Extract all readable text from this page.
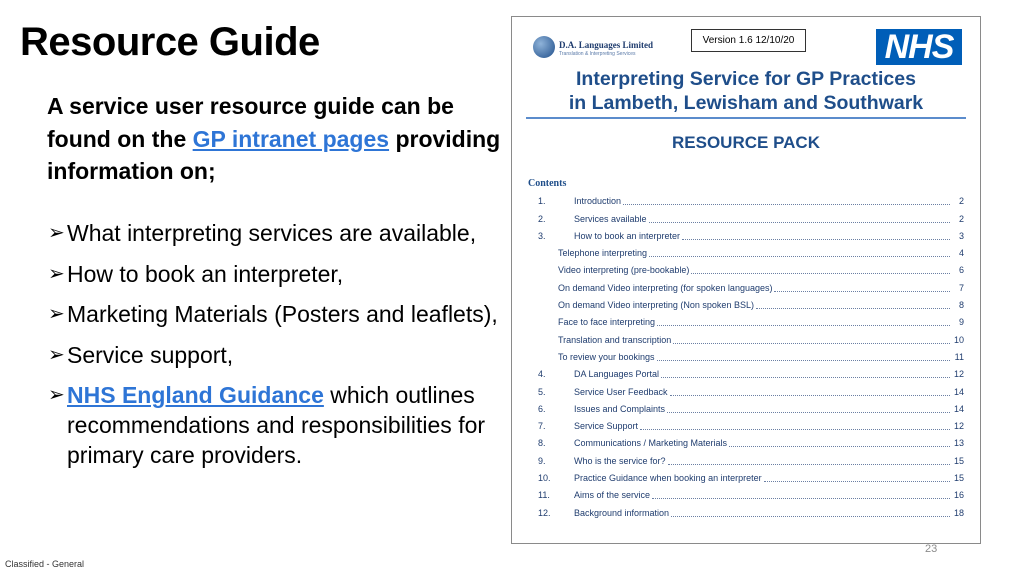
Resource Guide
A service user resource guide can be found on the GP intranet pages providing information on;
➢ What interpreting services are available,
➢ How to book an interpreter,
➢ Marketing Materials (Posters and leaflets),
➢ Service support,
➢ NHS England Guidance which outlines recommendations and responsibilities for primary care providers.
D.A. Languages Limited
Translation & Interpreting Services
Version 1.6 12/10/20	NHS
Interpreting Service for GP Practices
in Lambeth, Lewisham and Southwark
RESOURCE PACK
Contents
1.	Introduction	2
2.	Services available	2
3.	How to book an interpreter	3
Telephone interpreting	4
Video interpreting (pre-bookable)	6
On demand Video interpreting (for spoken languages)	7
On demand Video interpreting (Non spoken BSL)	8
Face to face interpreting	9
Translation and transcription	10
To review your bookings	11
4.	DA Languages Portal	12
5.	Service User Feedback	14
6.	Issues and Complaints	14
7.	Service Support	12
8.	Communications / Marketing Materials	13
9.	Who is the service for?	15
10.	Practice Guidance when booking an interpreter	15
11.	Aims of the service	16
12.	Background information	18
23
Classified - General
